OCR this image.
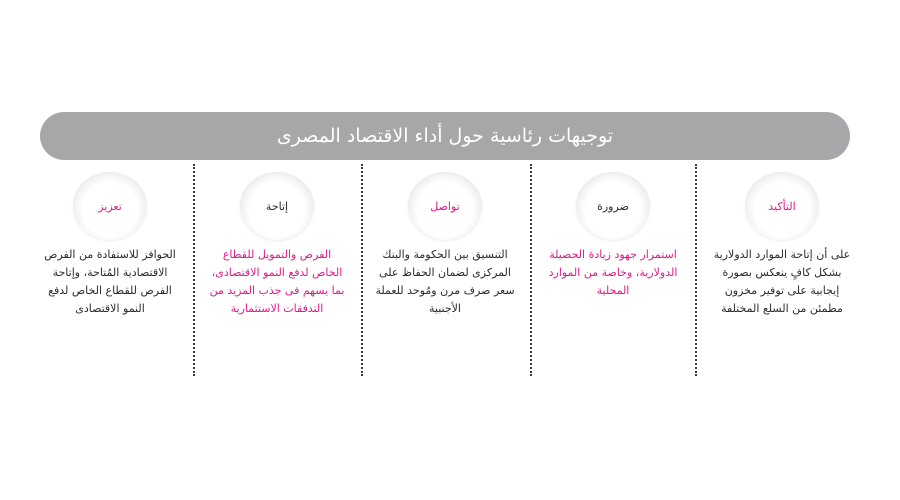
توجيهات رئاسية حول أداء الاقتصاد المصرى
التأكيد
على أن إتاحة الموارد الدولارية بشكل كافٍ ينعكس بصورة إيجابية على توفير مخزون مطمئن من السلع المختلفة
ضرورة
استمرار جهود زيادة الحصيلة الدولارية، وخاصة من الموارد المحلية
تواصل
التنسيق بين الحكومة والبنك المركزى لضمان الحفاظ على سعر صرف مرن ومُوحد للعملة الأجنبية
إتاحة
الفرص والتمويل للقطاع الخاص لدفع النمو الاقتصادى، بما يسهم فى جذب المزيد من التدفقات الاستثمارية
تعزيز
الحوافز للاستفادة من الفرص الاقتصادية المُتاحة، وإتاحة الفرص للقطاع الخاص لدفع النمو الاقتصادى
